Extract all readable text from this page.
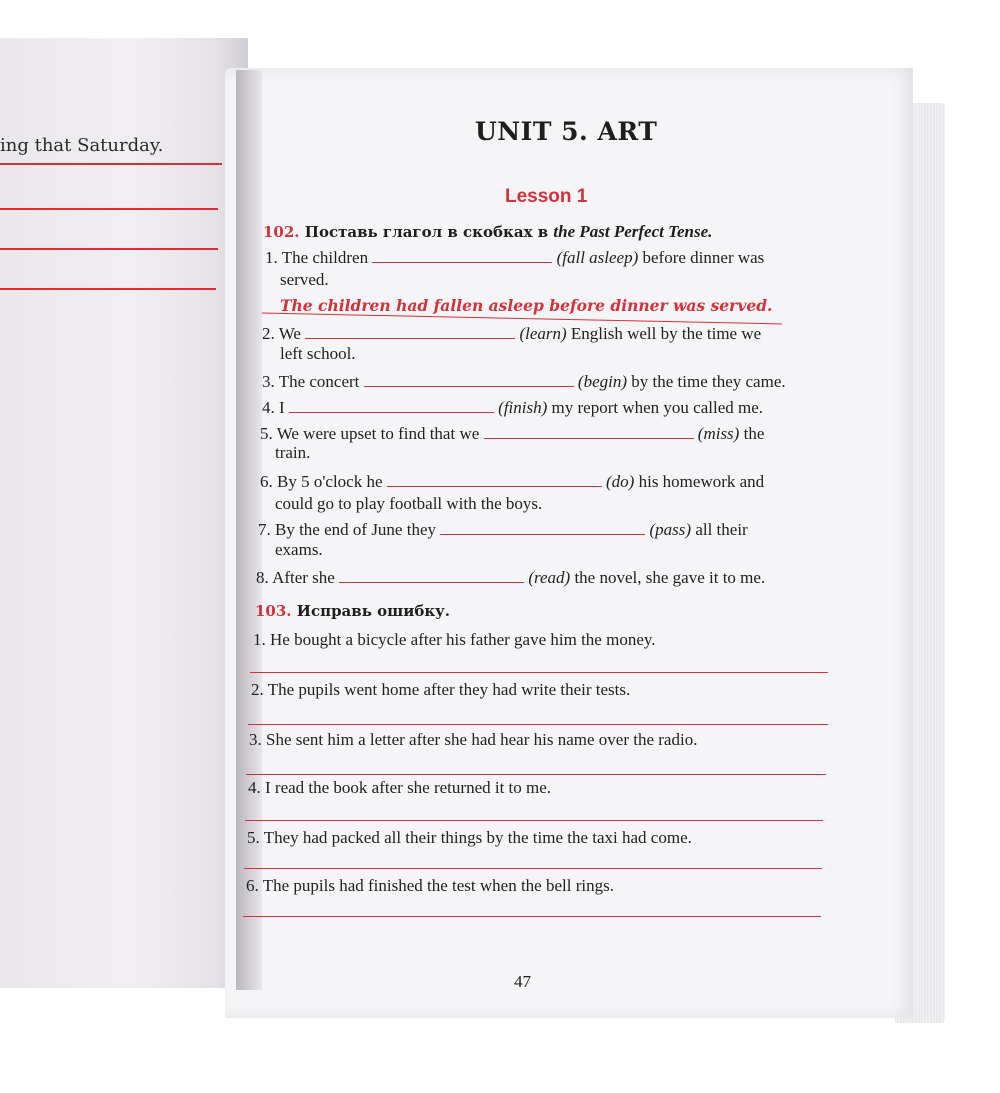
ing that Saturday.	UNIT 5. ART
Lesson 1
102. Поставь глагол в скобках в the Past Perfect Tense.
1. The children	(fall asleep) before dinner was
served.
The children had fallen asleep before dinner was served.
2. We	(learn) English well by the time we
left school.
3. The concert	(begin) by the time they came.
4. I	(finish) my report when you called me.
5. We were upset to find that we	(miss) the
train.
6. By 5 o'clock he	(do) his homework and
could go to play football with the boys.
7. By the end of June they	(pass) all their
exams.
8. After she	(read) the novel, she gave it to me.
103. Исправь ошибку.
1. He bought a bicycle after his father gave him the money.
2. The pupils went home after they had write their tests.
3. She sent him a letter after she had hear his name over the radio.
4. I read the book after she returned it to me.
5. They had packed all their things by the time the taxi had come.
6. The pupils had finished the test when the bell rings.
47
